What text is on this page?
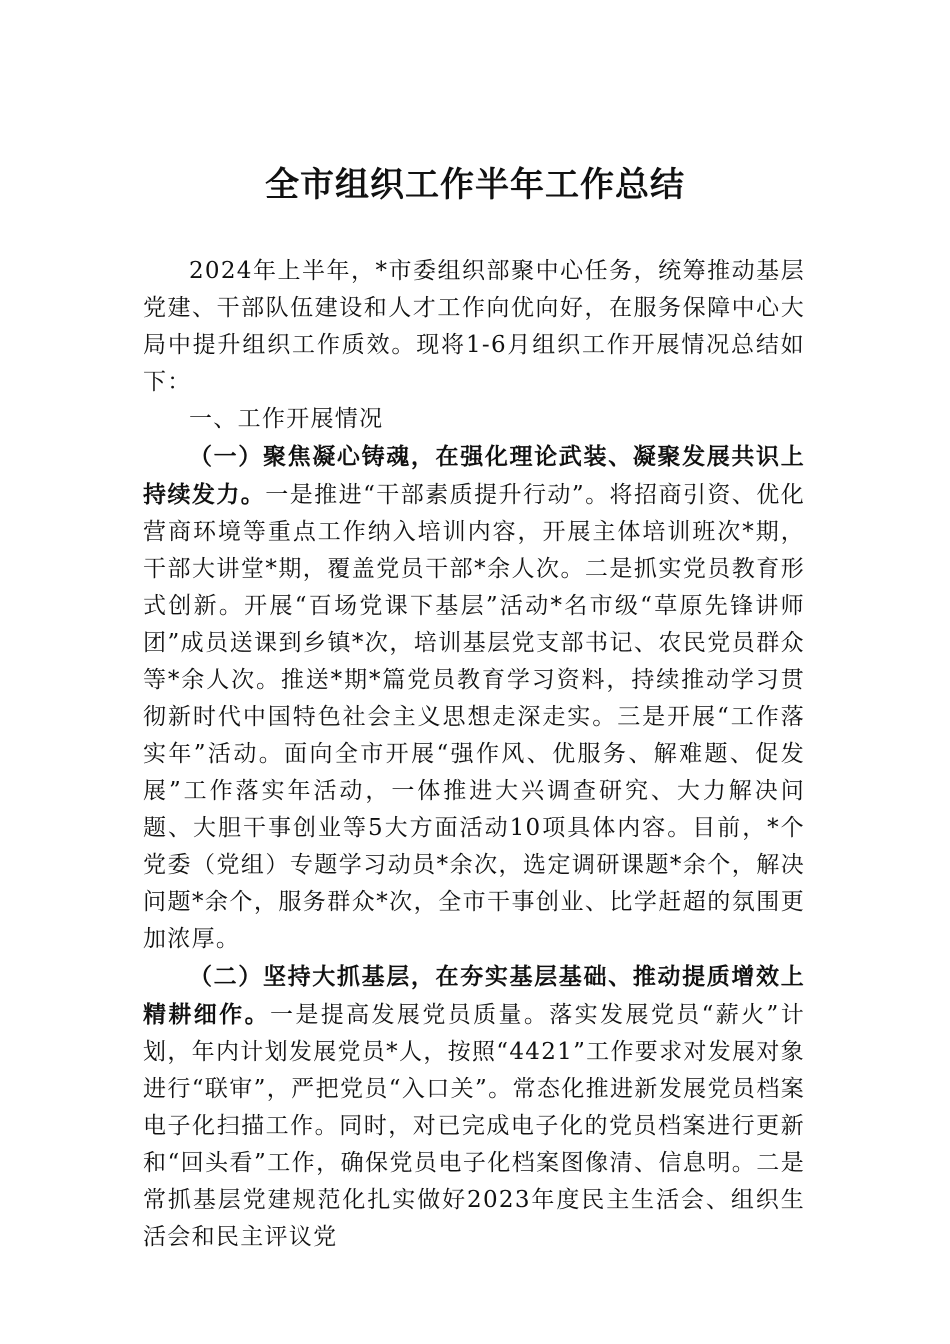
全市组织工作半年工作总结

2024年上半年，*市委组织部聚中心任务，统筹推动基层党建、干部队伍建设和人才工作向优向好，在服务保障中心大局中提升组织工作质效。现将1-6月组织工作开展情况总结如下：

一、工作开展情况

（一）聚焦凝心铸魂，在强化理论武装、凝聚发展共识上持续发力。一是推进“干部素质提升行动”。将招商引资、优化营商环境等重点工作纳入培训内容，开展主体培训班次*期，干部大讲堂*期，覆盖党员干部*余人次。二是抓实党员教育形式创新。开展“百场党课下基层”活动*名市级“草原先锋讲师团”成员送课到乡镇*次，培训基层党支部书记、农民党员群众等*余人次。推送*期*篇党员教育学习资料，持续推动学习贯彻新时代中国特色社会主义思想走深走实。三是开展“工作落实年”活动。面向全市开展“强作风、优服务、解难题、促发展”工作落实年活动，一体推进大兴调查研究、大力解决问题、大胆干事创业等5大方面活动10项具体内容。目前，*个党委（党组）专题学习动员*余次，选定调研课题*余个，解决问题*余个，服务群众*次，全市干事创业、比学赶超的氛围更加浓厚。

（二）坚持大抓基层，在夯实基层基础、推动提质增效上精耕细作。一是提高发展党员质量。落实发展党员“薪火”计划，年内计划发展党员*人，按照“4421”工作要求对发展对象进行“联审”，严把党员“入口关”。常态化推进新发展党员档案电子化扫描工作。同时，对已完成电子化的党员档案进行更新和“回头看”工作，确保党员电子化档案图像清、信息明。二是常抓基层党建规范化扎实做好2023年度民主生活会、组织生活会和民主评议党
